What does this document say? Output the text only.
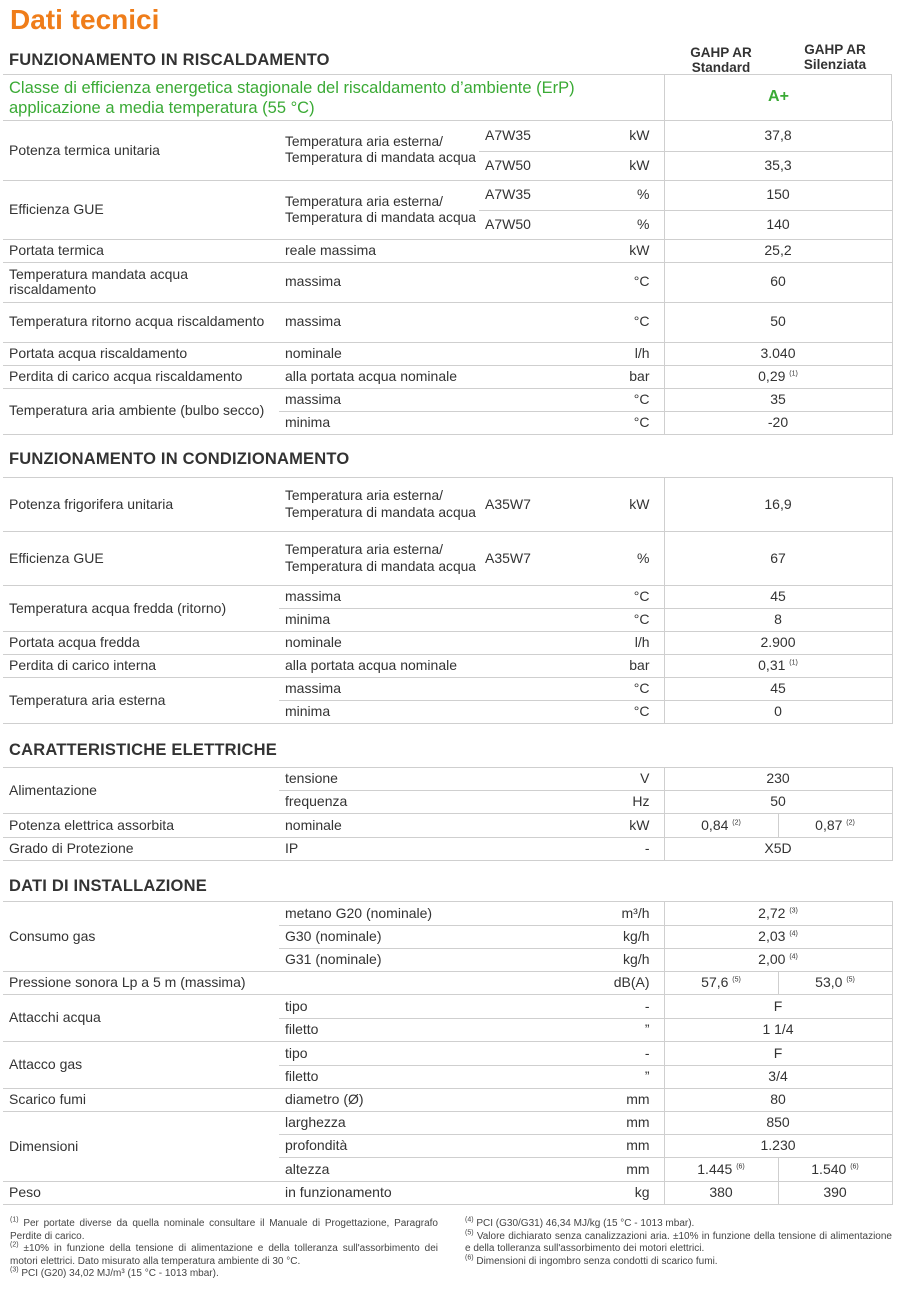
Dati tecnici
FUNZIONAMENTO IN RISCALDAMENTO	GAHP AR
Standard
GAHP AR
Silenziata
Classe di efficienza energetica stagionale del riscaldamento d’ambiente (ErP) applicazione a media temperatura (55 °C)
A+
Potenza termica unitaria	Temperatura aria esterna/ Temperatura di mandata acqua	A7W35	kW	37,8
		A7W50	kW	35,3
Efficienza GUE	Temperatura aria esterna/ Temperatura di mandata acqua	A7W35	%	150
		A7W50	%	140
Portata termica	reale massima		kW	25,2
Temperatura mandata acqua riscaldamento	massima		°C	60
Temperatura ritorno acqua riscaldamento	massima		°C	50
Portata acqua riscaldamento	nominale		l/h	3.040
Perdita di carico acqua riscaldamento	alla portata acqua nominale		bar	0,29 $^{(1)}$
Temperatura aria ambiente (bulbo secco)	massima		°C	35
	minima		°C	-20
FUNZIONAMENTO IN CONDIZIONAMENTO
Potenza frigorifera unitaria	Temperatura aria esterna/ Temperatura di mandata acqua	A35W7	kW	16,9
Efficienza GUE	Temperatura aria esterna/ Temperatura di mandata acqua	A35W7	%	67
Temperatura acqua fredda (ritorno)	massima		°C	45
	minima		°C	8
Portata acqua fredda	nominale		l/h	2.900
Perdita di carico interna	alla portata acqua nominale		bar	0,31 $^{(1)}$
Temperatura aria esterna	massima		°C	45
	minima		°C	0
CARATTERISTICHE ELETTRICHE
Alimentazione	tensione	V	230	
	frequenza	Hz	50	
Potenza elettrica assorbita	nominale	kW	0,84 $^{(2)}$	0,87 $^{(2)}$
Grado di Protezione	IP	-	X5D	
DATI DI INSTALLAZIONE
Consumo gas	metano G20 (nominale)	m³/h	2,72 $^{(3)}$
	G30 (nominale)	kg/h	2,03 $^{(4)}$
	G31 (nominale)	kg/h	2,00 $^{(4)}$
Pressione sonora Lp a 5 m (massima)		dB(A)	57,6 $^{(5)}$	53,0 $^{(5)}$
Attacchi acqua	tipo	-	F	
	filetto	”	1 1/4	
Attacco gas	tipo	-	F	
	filetto	”	3/4	
Scarico fumi	diametro (Ø)	mm	80	
Dimensioni	larghezza	mm	850	
	profondità	mm	1.230	
	altezza	mm	1.445 $^{(6)}$	1.540 $^{(6)}$
Peso	in funzionamento	kg	380	390

$^{(1)}$ Per portate diverse da quella nominale consultare il Manuale di Progettazione, Paragrafo Perdite di carico.

$^{(2)}$ ±10% in funzione della tensione di alimentazione e della tolleranza sull'assorbimento dei motori elettrici. Dato misurato alla temperatura ambiente di 30 °C.

$^{(3)}$ PCI (G20) 34,02 MJ/m³ (15 °C - 1013 mbar).

$^{(4)}$ PCI (G30/G31) 46,34 MJ/kg (15 °C - 1013 mbar).

$^{(5)}$ Valore dichiarato senza canalizzazioni aria. ±10% in funzione della tensione di alimentazione e della tolleranza sull'assorbimento dei motori elettrici.

$^{(6)}$ Dimensioni di ingombro senza condotti di scarico fumi.
